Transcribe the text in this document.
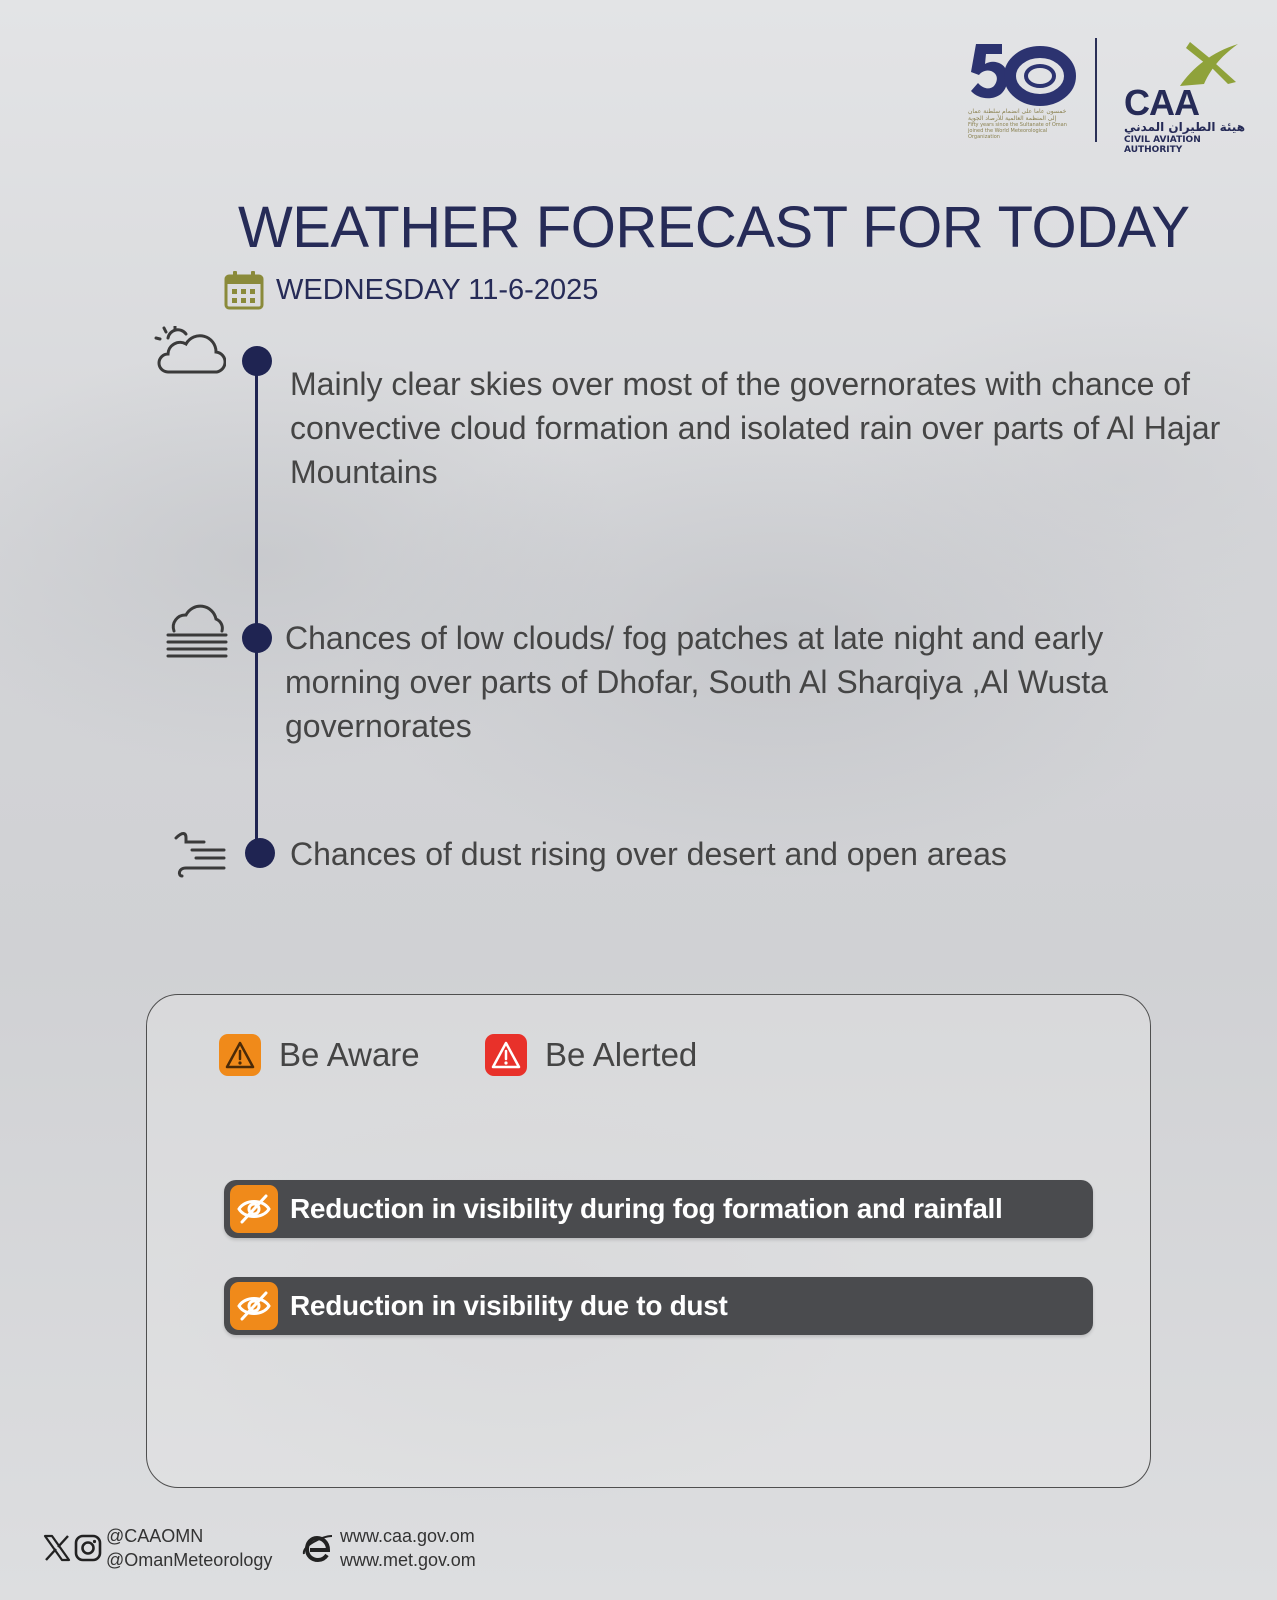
خمسون عاما على انضمام سلطنة عمان إلى المنظمة العالمية للأرصاد الجوية
Fifty years since the Sultanate of Oman joined the World Meteorological Organization
CAA
هيئة الطيران المدني
CIVIL AVIATION AUTHORITY
WEATHER FORECAST FOR TODAY
WEDNESDAY 11-6-2025

Mainly clear skies over most of the governorates with chance of convective cloud formation and isolated rain over parts of Al Hajar Mountains

Chances of low clouds/ fog patches at late night and early morning over parts of Dhofar, South Al Sharqiya ,Al Wusta governorates

Chances of dust rising over desert and open areas

Be Aware	Be Alerted
Reduction in visibility during fog formation and rainfall
Reduction in visibility due to dust
@CAAOMN
@OmanMeteorology
www.caa.gov.om
www.met.gov.om
